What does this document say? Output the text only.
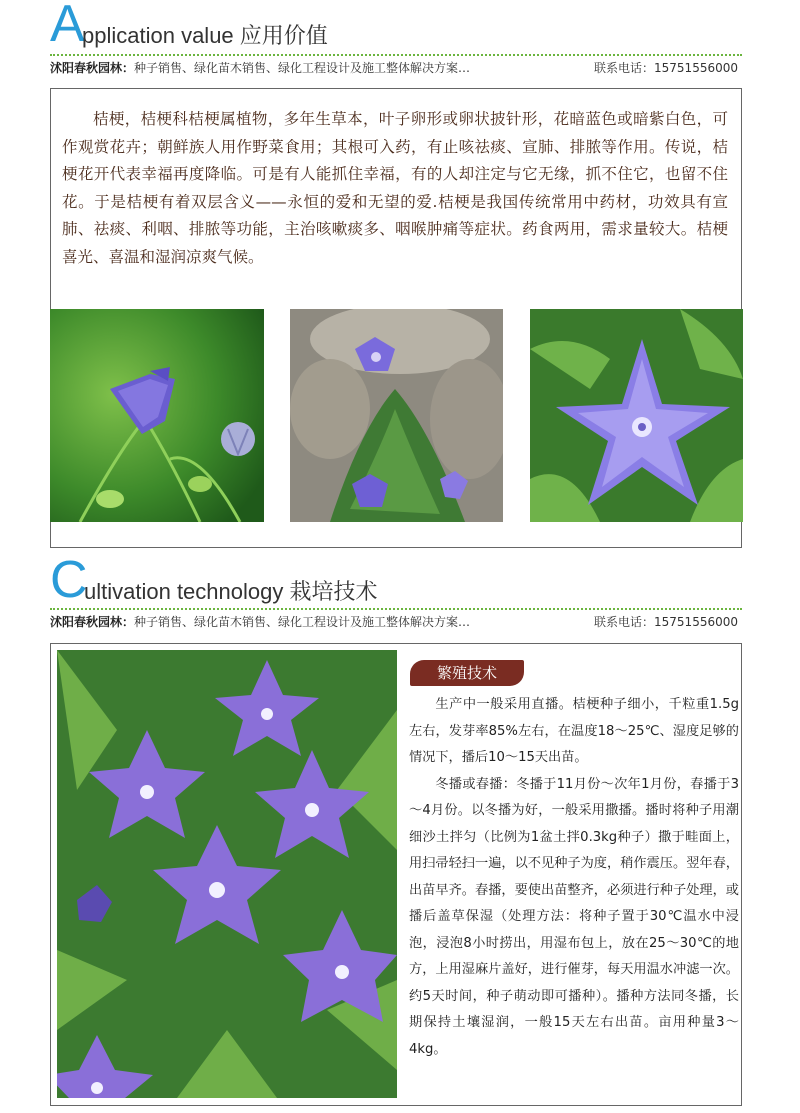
A
pplication value 应用价值
沭阳春秋园林：种子销售、绿化苗木销售、绿化工程设计及施工整体解决方案…	联系电话：15751556000
桔梗，桔梗科桔梗属植物，多年生草本，叶子卵形或卵状披针形，花暗蓝色或暗紫白色，可作观赏花卉；朝鲜族人用作野菜食用；其根可入药，有止咳祛痰、宣肺、排脓等作用。传说，桔梗花开代表幸福再度降临。可是有人能抓住幸福，有的人却注定与它无缘，抓不住它，也留不住花。于是桔梗有着双层含义——永恒的爱和无望的爱.桔梗是我国传统常用中药材，功效具有宣肺、祛痰、利咽、排脓等功能，主治咳嗽痰多、咽喉肿痛等症状。药食两用，需求量较大。桔梗喜光、喜温和湿润凉爽气候。
C
ultivation technology 栽培技术
沭阳春秋园林：种子销售、绿化苗木销售、绿化工程设计及施工整体解决方案…	联系电话：15751556000
繁殖技术

生产中一般采用直播。桔梗种子细小，千粒重1.5g左右，发芽率85%左右，在温度18～25℃、湿度足够的情况下，播后10～15天出苗。

冬播或春播：冬播于11月份～次年1月份，春播于3～4月份。以冬播为好，一般采用撒播。播时将种子用潮细沙土拌匀（比例为1盆土拌0.3kg种子）撒于畦面上，用扫帚轻扫一遍，以不见种子为度，稍作震压。翌年春，出苗早齐。春播，要使出苗整齐，必须进行种子处理，或播后盖草保湿（处理方法：将种子置于30℃温水中浸泡，浸泡8小时捞出，用湿布包上，放在25～30℃的地方，上用湿麻片盖好，进行催芽，每天用温水冲滤一次。约5天时间，种子萌动即可播种）。播种方法同冬播，长期保持土壤湿润，一般15天左右出苗。亩用种量3～4kg。
